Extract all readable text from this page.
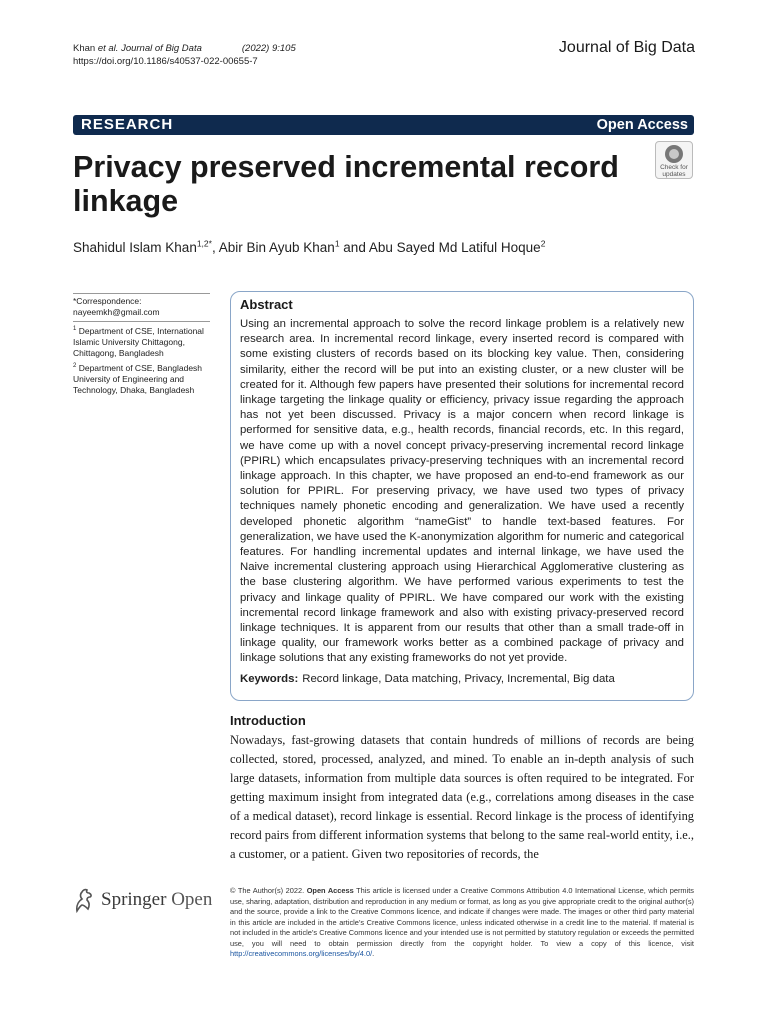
Khan et al. Journal of Big Data	(2022) 9:105
https://doi.org/10.1186/s40537-022-00655-7
Journal of Big Data
RESEARCH	Open Access
Privacy preserved incremental record linkage
Check for
updates
Shahidul Islam Khan$^{1,2*}$, Abir Bin Ayub Khan$^1$ and Abu Sayed Md Latiful Hoque$^2$
*Correspondence:
nayeemkh@gmail.com
$^1$ Department of CSE, International Islamic University Chittagong, Chittagong, Bangladesh
$^2$ Department of CSE, Bangladesh University of Engineering and Technology, Dhaka, Bangladesh
Abstract

Using an incremental approach to solve the record linkage problem is a relatively new research area. In incremental record linkage, every inserted record is compared with some existing clusters of records based on its blocking key value. Then, considering similarity, either the record will be put into an existing cluster, or a new cluster will be created for it. Although few papers have presented their solutions for incremental record linkage targeting the linkage quality or efficiency, privacy issue regarding the approach has not yet been discussed. Privacy is a major concern when record linkage is performed for sensitive data, e.g., health records, financial records, etc. In this regard, we have come up with a novel concept privacy-preserving incremental record linkage (PPIRL) which encapsulates privacy-preserving techniques with an incremental record linkage approach. In this chapter, we have proposed an end-to-end framework as our solution for PPIRL. For preserving privacy, we have used two types of privacy techniques namely phonetic encoding and generalization. We have used a recently developed phonetic algorithm “nameGist” to handle text-based features. For generalization, we have used the K-anonymization algorithm for numeric and categorical features. For handling incremental updates and internal linkage, we have used the Naive incremental clustering approach using Hierarchical Agglomerative clustering as the base clustering algorithm. We have performed various experiments to test the privacy and linkage quality of PPIRL. We have compared our work with the existing incremental record linkage framework and also with existing privacy-preserved record linkage techniques. It is apparent from our results that other than a small trade-off in linkage quality, our framework works better as a combined package of privacy and linkage solutions that any existing frameworks do not yet provide.

Keywords: Record linkage, Data matching, Privacy, Incremental, Big data

Introduction

Nowadays, fast-growing datasets that contain hundreds of millions of records are being collected, stored, processed, analyzed, and mined. To enable an in-depth analysis of such large datasets, information from multiple data sources is often required to be integrated. For getting maximum insight from integrated data (e.g., correlations among diseases in the case of a medical dataset), record linkage is essential. Record linkage is the process of identifying record pairs from different information systems that belong to the same real-world entity, i.e., a customer, or a patient. Given two repositories of records, the

Springer Open © The Author(s) 2022. Open Access This article is licensed under a Creative Commons Attribution 4.0 International License, which permits use, sharing, adaptation, distribution and reproduction in any medium or format, as long as you give appropriate credit to the original author(s) and the source, provide a link to the Creative Commons licence, and indicate if changes were made. The images or other third party material in this article are included in the article’s Creative Commons licence, unless indicated otherwise in a credit line to the material. If material is not included in the article’s Creative Commons licence and your intended use is not permitted by statutory regulation or exceeds the permitted use, you will need to obtain permission directly from the copyright holder. To view a copy of this licence, visit http://creativecommons.org/licenses/by/4.0/.
